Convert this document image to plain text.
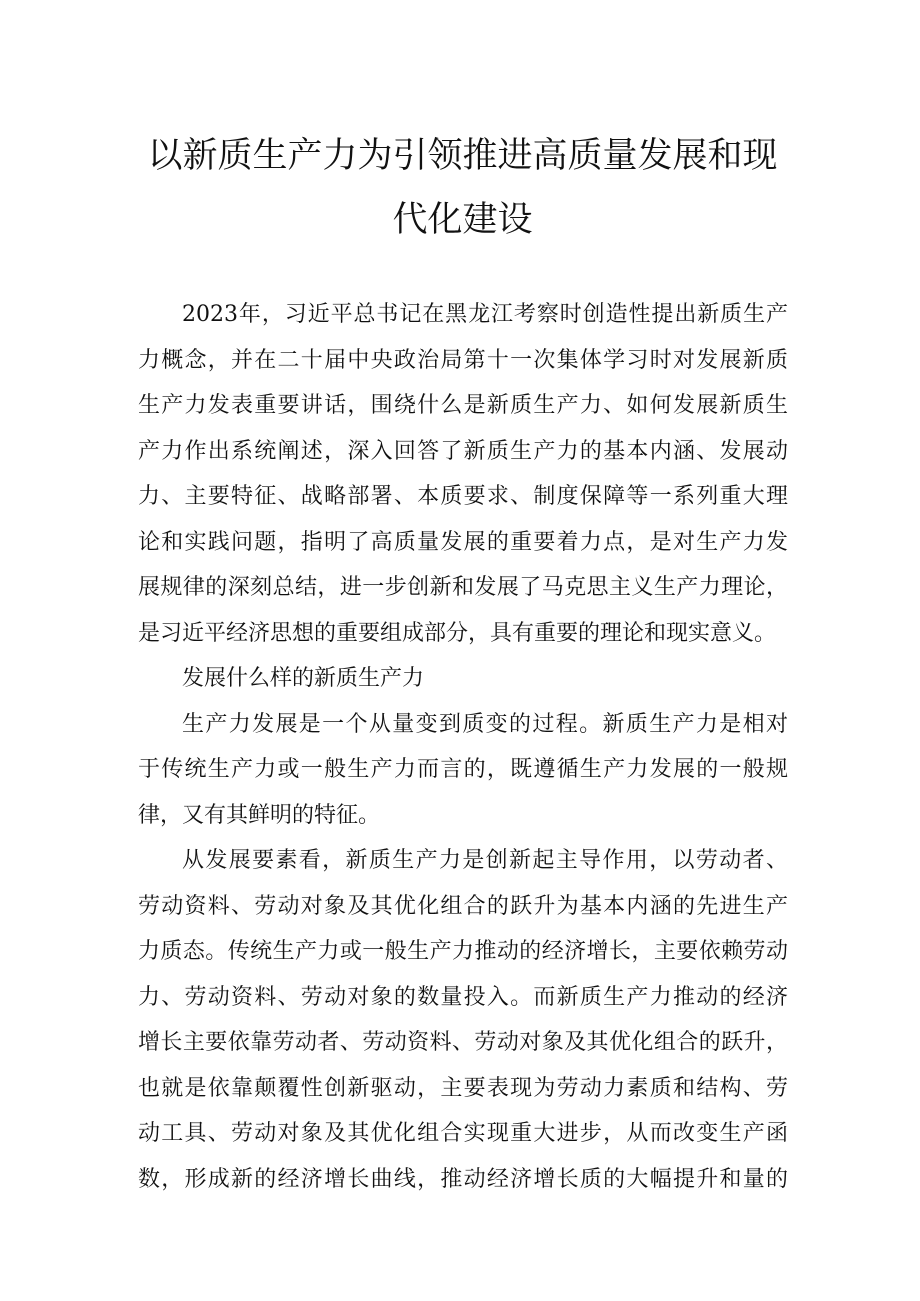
以新质生产力为引领推进高质量发展和现
代化建设
2023年，习近平总书记在黑龙江考察时创造性提出新质生产
力概念，并在二十届中央政治局第十一次集体学习时对发展新质
生产力发表重要讲话，围绕什么是新质生产力、如何发展新质生
产力作出系统阐述，深入回答了新质生产力的基本内涵、发展动
力、主要特征、战略部署、本质要求、制度保障等一系列重大理
论和实践问题，指明了高质量发展的重要着力点，是对生产力发
展规律的深刻总结，进一步创新和发展了马克思主义生产力理论，
是习近平经济思想的重要组成部分，具有重要的理论和现实意义。
发展什么样的新质生产力
生产力发展是一个从量变到质变的过程。新质生产力是相对
于传统生产力或一般生产力而言的，既遵循生产力发展的一般规
律，又有其鲜明的特征。
从发展要素看，新质生产力是创新起主导作用，以劳动者、
劳动资料、劳动对象及其优化组合的跃升为基本内涵的先进生产
力质态。传统生产力或一般生产力推动的经济增长，主要依赖劳动
力、劳动资料、劳动对象的数量投入。而新质生产力推动的经济
增长主要依靠劳动者、劳动资料、劳动对象及其优化组合的跃升，
也就是依靠颠覆性创新驱动，主要表现为劳动力素质和结构、劳
动工具、劳动对象及其优化组合实现重大进步，从而改变生产函
数，形成新的经济增长曲线，推动经济增长质的大幅提升和量的
